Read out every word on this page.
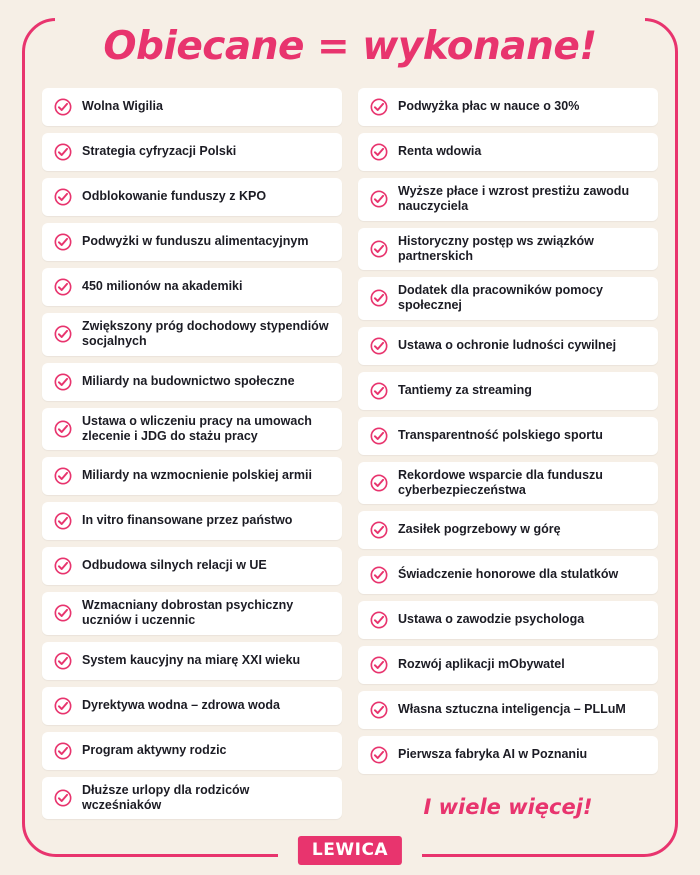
Obiecane = wykonane!
Wolna Wigilia
Strategia cyfryzacji Polski
Odblokowanie funduszy z KPO
Podwyżki w funduszu alimentacyjnym
450 milionów na akademiki
Zwiększony próg dochodowy stypendiów socjalnych
Miliardy na budownictwo społeczne
Ustawa o wliczeniu pracy na umowach zlecenie i JDG do stażu pracy
Miliardy na wzmocnienie polskiej armii
In vitro finansowane przez państwo
Odbudowa silnych relacji w UE
Wzmacniany dobrostan psychiczny uczniów i uczennic
System kaucyjny na miarę XXI wieku
Dyrektywa wodna – zdrowa woda
Program aktywny rodzic
Dłuższe urlopy dla rodziców wcześniaków
Podwyżka płac w nauce o 30%
Renta wdowia
Wyższe płace i wzrost prestiżu zawodu nauczyciela
Historyczny postęp ws związków partnerskich
Dodatek dla pracowników pomocy społecznej
Ustawa o ochronie ludności cywilnej
Tantiemy za streaming
Transparentność polskiego sportu
Rekordowe wsparcie dla funduszu cyberbezpieczeństwa
Zasiłek pogrzebowy w górę
Świadczenie honorowe dla stulatków
Ustawa o zawodzie psychologa
Rozwój aplikacji mObywatel
Własna sztuczna inteligencja – PLLuM
Pierwsza fabryka AI w Poznaniu
I wiele więcej!
LEWICA
